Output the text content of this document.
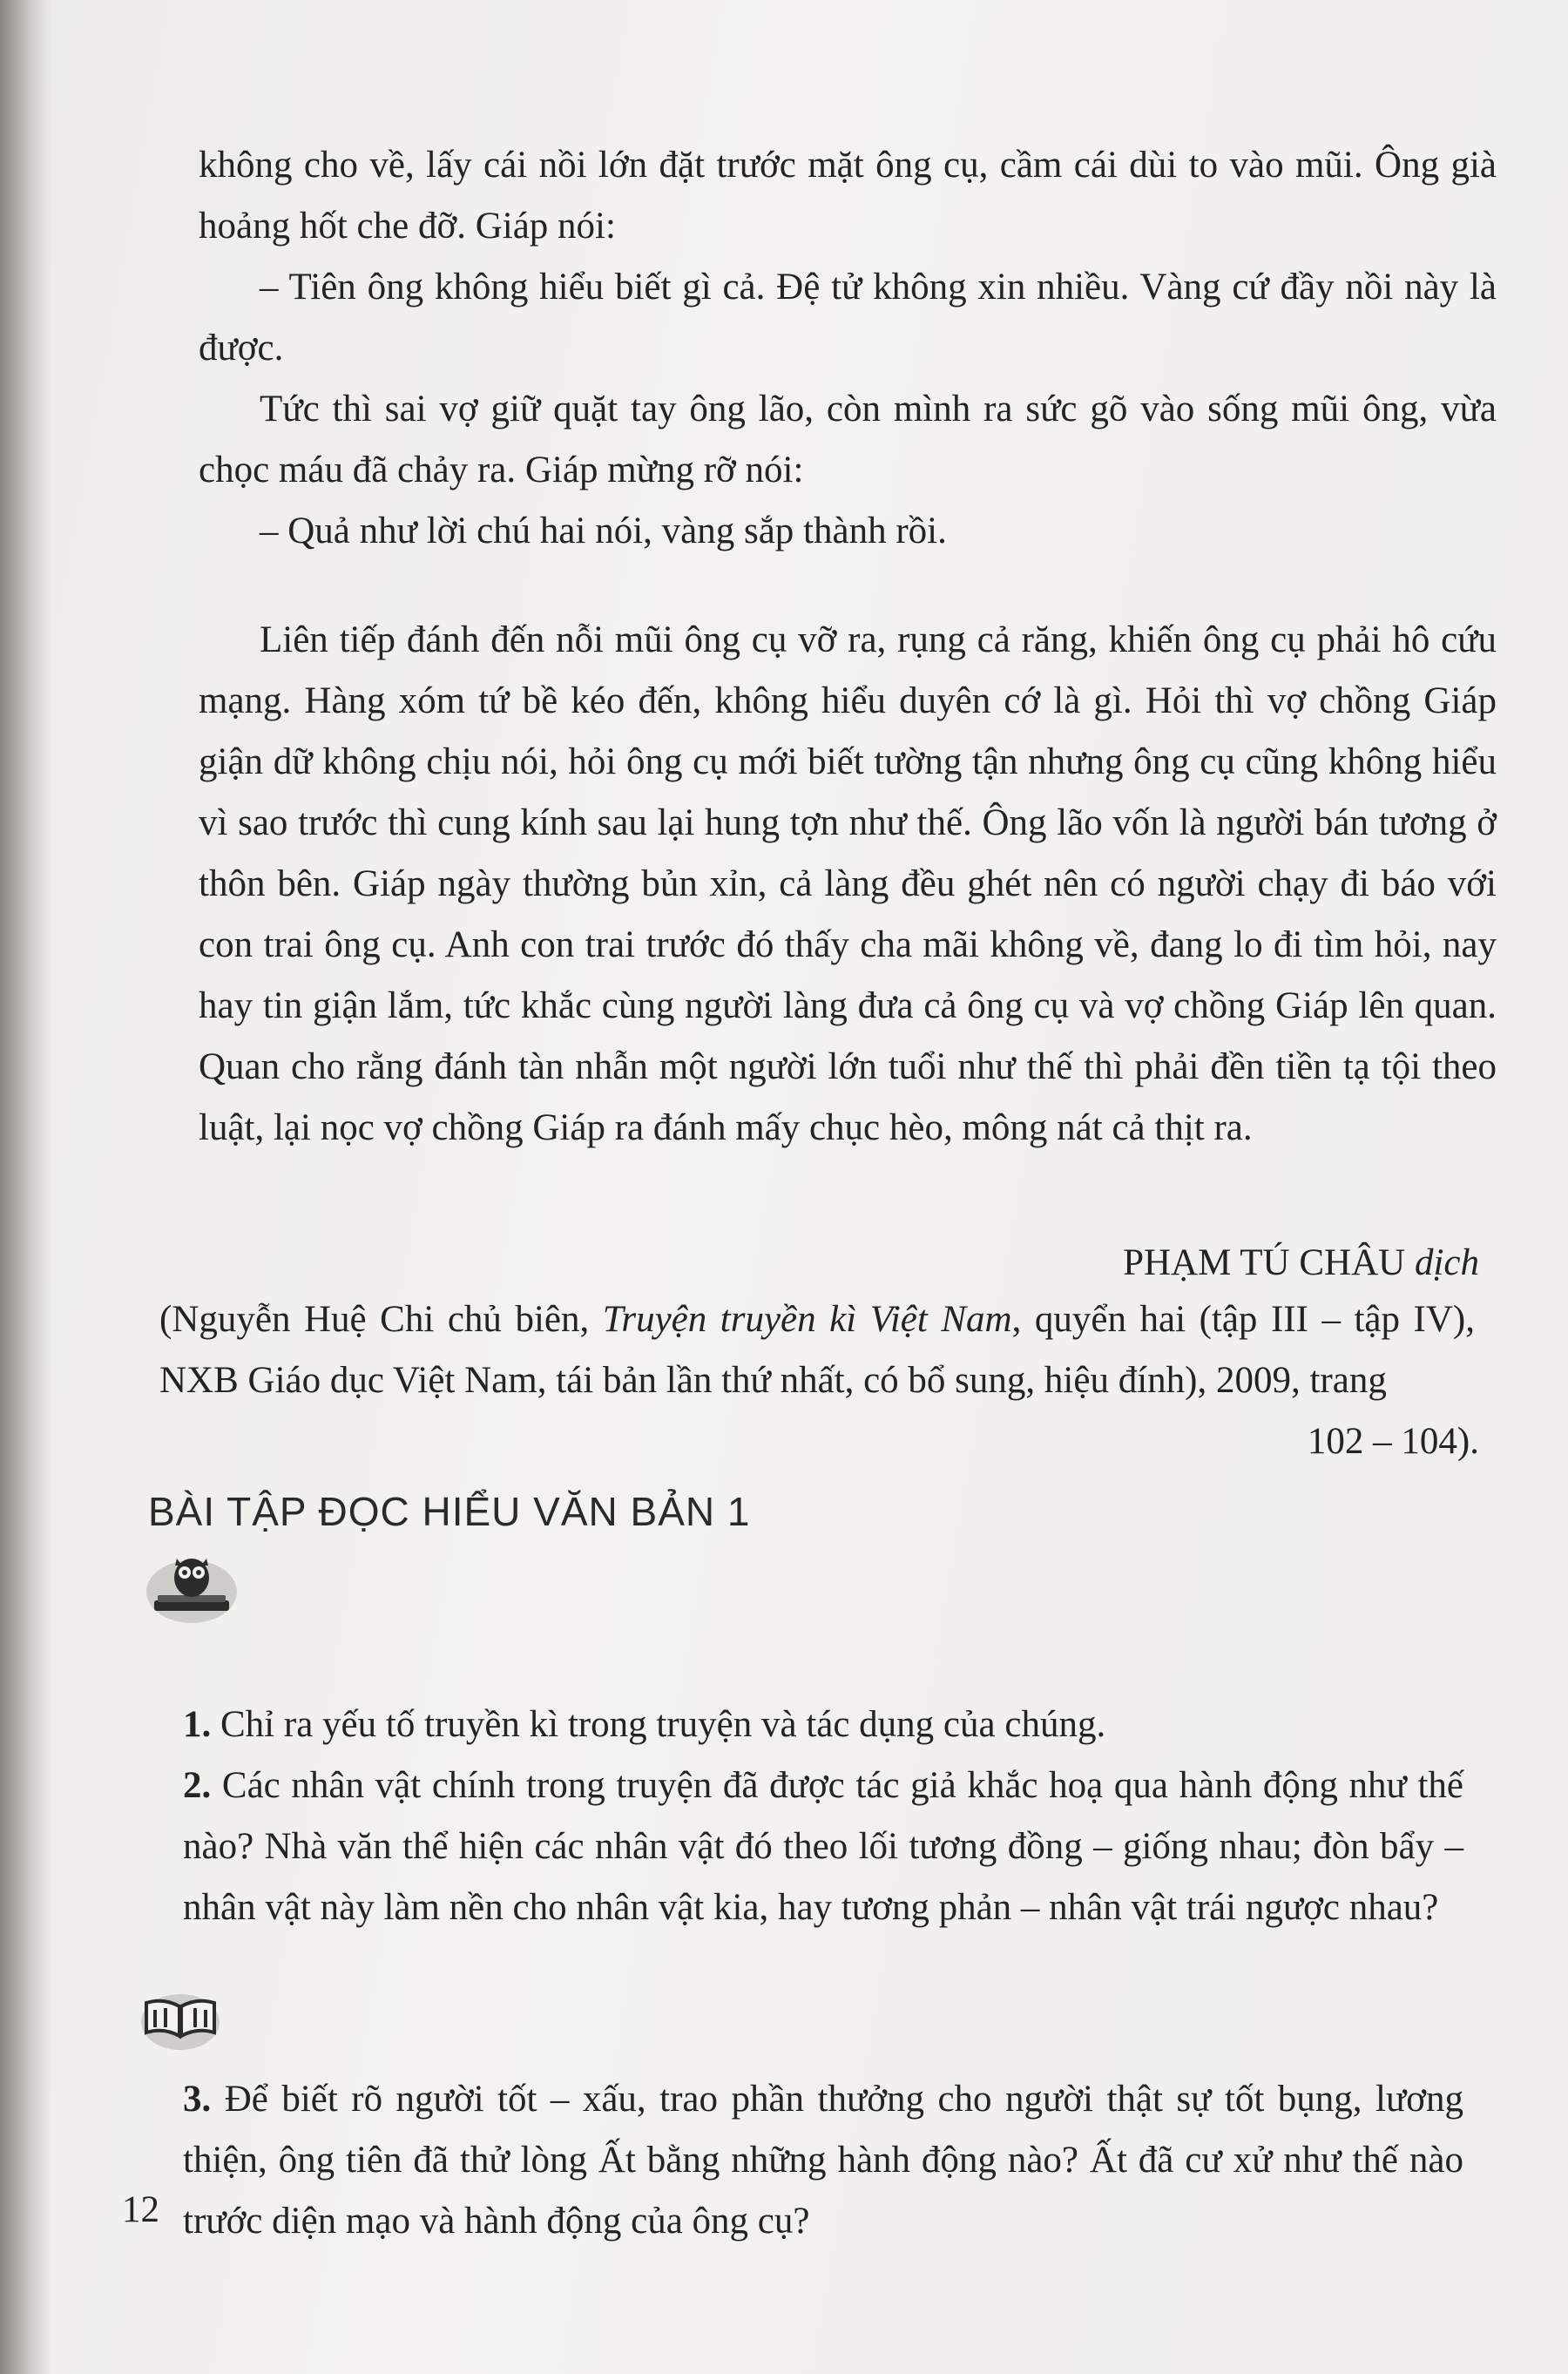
không cho về, lấy cái nồi lớn đặt trước mặt ông cụ, cầm cái dùi to vào mũi. Ông già hoảng hốt che đỡ. Giáp nói:

– Tiên ông không hiểu biết gì cả. Đệ tử không xin nhiều. Vàng cứ đầy nồi này là được.

Tức thì sai vợ giữ quặt tay ông lão, còn mình ra sức gõ vào sống mũi ông, vừa chọc máu đã chảy ra. Giáp mừng rỡ nói:

– Quả như lời chú hai nói, vàng sắp thành rồi.

Liên tiếp đánh đến nỗi mũi ông cụ vỡ ra, rụng cả răng, khiến ông cụ phải hô cứu mạng. Hàng xóm tứ bề kéo đến, không hiểu duyên cớ là gì. Hỏi thì vợ chồng Giáp giận dữ không chịu nói, hỏi ông cụ mới biết tường tận nhưng ông cụ cũng không hiểu vì sao trước thì cung kính sau lại hung tợn như thế. Ông lão vốn là người bán tương ở thôn bên. Giáp ngày thường bủn xỉn, cả làng đều ghét nên có người chạy đi báo với con trai ông cụ. Anh con trai trước đó thấy cha mãi không về, đang lo đi tìm hỏi, nay hay tin giận lắm, tức khắc cùng người làng đưa cả ông cụ và vợ chồng Giáp lên quan. Quan cho rằng đánh tàn nhẫn một người lớn tuổi như thế thì phải đền tiền tạ tội theo luật, lại nọc vợ chồng Giáp ra đánh mấy chục hèo, mông nát cả thịt ra.

PHẠM TÚ CHÂU dịch
(Nguyễn Huệ Chi chủ biên, Truyện truyền kì Việt Nam, quyển hai (tập III – tập IV), NXB Giáo dục Việt Nam, tái bản lần thứ nhất, có bổ sung, hiệu đính), 2009, trang
102 – 104).
BÀI TẬP ĐỌC HIỂU VĂN BẢN 1
1. Chỉ ra yếu tố truyền kì trong truyện và tác dụng của chúng.
2. Các nhân vật chính trong truyện đã được tác giả khắc hoạ qua hành động như thế nào? Nhà văn thể hiện các nhân vật đó theo lối tương đồng – giống nhau; đòn bẩy – nhân vật này làm nền cho nhân vật kia, hay tương phản – nhân vật trái ngược nhau?
3. Để biết rõ người tốt – xấu, trao phần thưởng cho người thật sự tốt bụng, lương thiện, ông tiên đã thử lòng Ất bằng những hành động nào? Ất đã cư xử như thế nào trước diện mạo và hành động của ông cụ?
12
